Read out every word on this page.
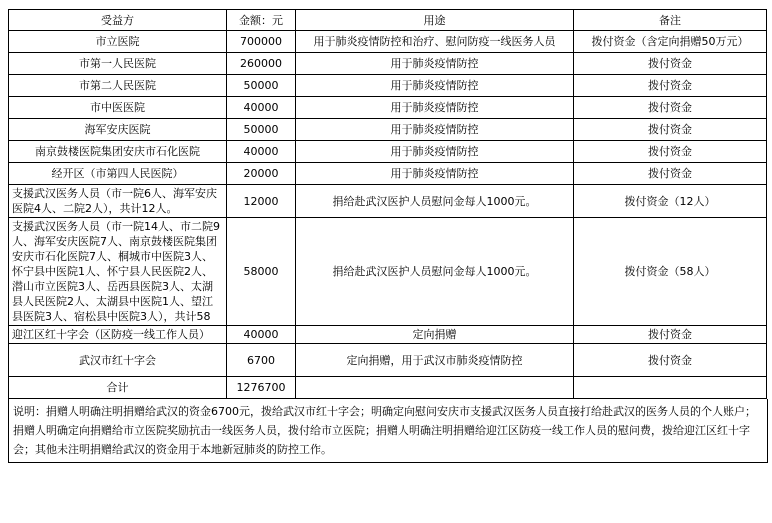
受益方	金额：元	用途	备注
市立医院	700000	用于肺炎疫情防控和治疗、慰问防疫一线医务人员	拨付资金（含定向捐赠50万元）
市第一人民医院	260000	用于肺炎疫情防控	拨付资金
市第二人民医院	50000	用于肺炎疫情防控	拨付资金
市中医医院	40000	用于肺炎疫情防控	拨付资金
海军安庆医院	50000	用于肺炎疫情防控	拨付资金
南京鼓楼医院集团安庆市石化医院	40000	用于肺炎疫情防控	拨付资金
经开区（市第四人民医院）	20000	用于肺炎疫情防控	拨付资金
支援武汉医务人员（市一院6人、海军安庆医院4人、二院2人），共计12人。	12000	捐给赴武汉医护人员慰问金每人1000元。	拨付资金（12人）
支援武汉医务人员（市一院14人、市二院9人、海军安庆医院7人、南京鼓楼医院集团安庆市石化医院7人、桐城市中医院3人、怀宁县中医院1人、怀宁县人民医院2人、潜山市立医院3人、岳西县医院3人、太湖县人民医院2人、太湖县中医院1人、望江县医院3人、宿松县中医院3人），共计58	58000	捐给赴武汉医护人员慰问金每人1000元。	拨付资金（58人）
迎江区红十字会（区防疫一线工作人员）	40000	定向捐赠	拨付资金
武汉市红十字会	6700	定向捐赠，用于武汉市肺炎疫情防控	拨付资金
合计	1276700		
说明：捐赠人明确注明捐赠给武汉的资金6700元，拨给武汉市红十字会；明确定向慰问安庆市支援武汉医务人员直接打给赴武汉的医务人员的个人账户；捐赠人明确定向捐赠给市立医院奖励抗击一线医务人员，拨付给市立医院；捐赠人明确注明捐赠给迎江区防疫一线工作人员的慰问费，拨给迎江区红十字会；其他未注明捐赠给武汉的资金用于本地新冠肺炎的防控工作。
